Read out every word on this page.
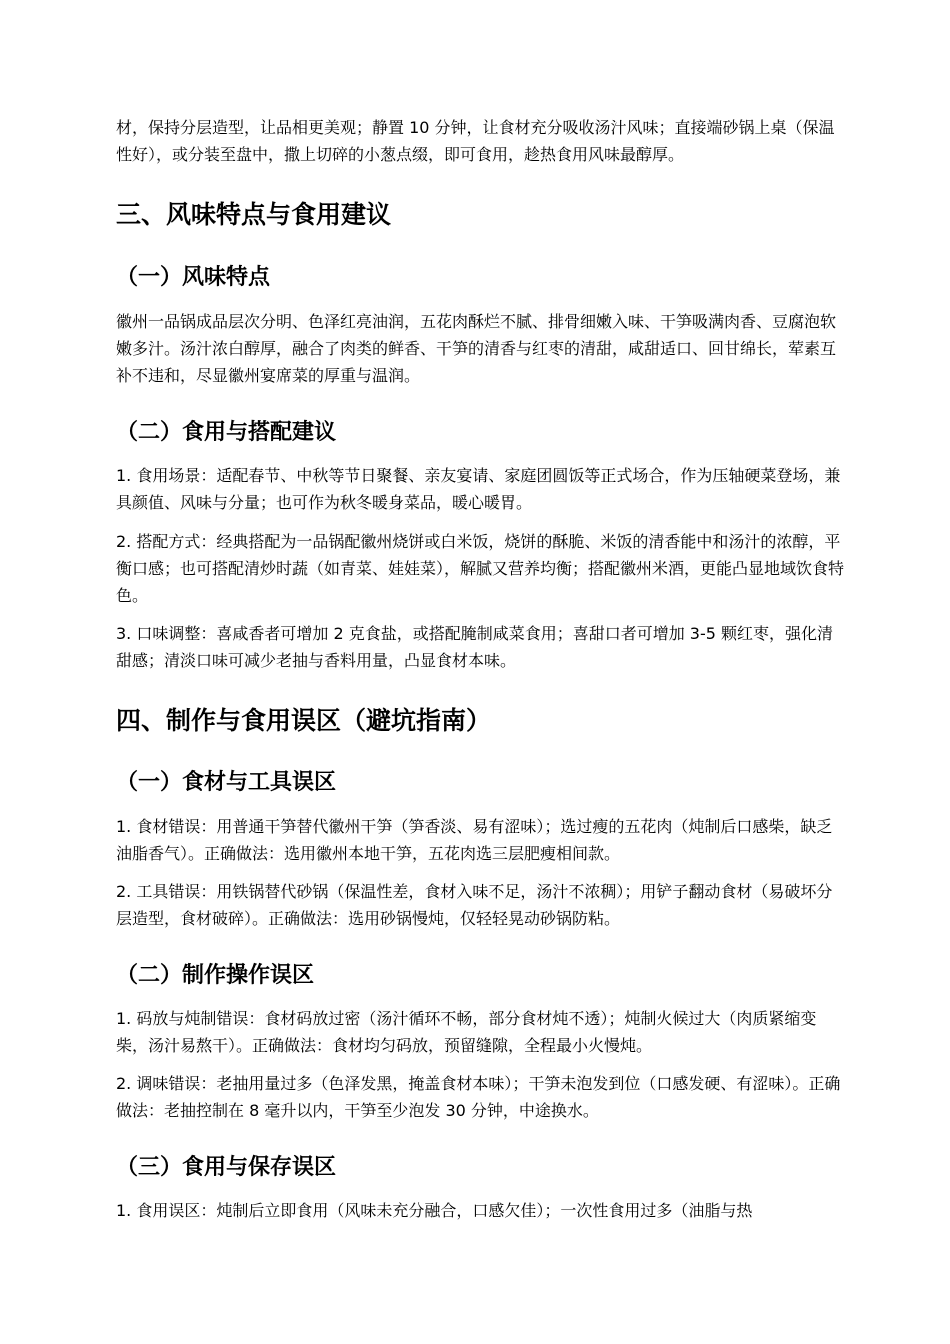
材，保持分层造型，让品相更美观；静置 10 分钟，让食材充分吸收汤汁风味；直接端砂锅上桌（保温性好），或分装至盘中，撒上切碎的小葱点缀，即可食用，趁热食用风味最醇厚。

三、风味特点与食用建议
（一）风味特点

徽州一品锅成品层次分明、色泽红亮油润，五花肉酥烂不腻、排骨细嫩入味、干笋吸满肉香、豆腐泡软嫩多汁。汤汁浓白醇厚，融合了肉类的鲜香、干笋的清香与红枣的清甜，咸甜适口、回甘绵长，荤素互补不违和，尽显徽州宴席菜的厚重与温润。

（二）食用与搭配建议

1. 食用场景：适配春节、中秋等节日聚餐、亲友宴请、家庭团圆饭等正式场合，作为压轴硬菜登场，兼具颜值、风味与分量；也可作为秋冬暖身菜品，暖心暖胃。

2. 搭配方式：经典搭配为一品锅配徽州烧饼或白米饭，烧饼的酥脆、米饭的清香能中和汤汁的浓醇，平衡口感；也可搭配清炒时蔬（如青菜、娃娃菜），解腻又营养均衡；搭配徽州米酒，更能凸显地域饮食特色。

3. 口味调整：喜咸香者可增加 2 克食盐，或搭配腌制咸菜食用；喜甜口者可增加 3-5 颗红枣，强化清甜感；清淡口味可减少老抽与香料用量，凸显食材本味。

四、制作与食用误区（避坑指南）
（一）食材与工具误区

1. 食材错误：用普通干笋替代徽州干笋（笋香淡、易有涩味）；选过瘦的五花肉（炖制后口感柴，缺乏油脂香气）。正确做法：选用徽州本地干笋，五花肉选三层肥瘦相间款。

2. 工具错误：用铁锅替代砂锅（保温性差，食材入味不足，汤汁不浓稠）；用铲子翻动食材（易破坏分层造型，食材破碎）。正确做法：选用砂锅慢炖，仅轻轻晃动砂锅防粘。

（二）制作操作误区

1. 码放与炖制错误：食材码放过密（汤汁循环不畅，部分食材炖不透）；炖制火候过大（肉质紧缩变柴，汤汁易熬干）。正确做法：食材均匀码放，预留缝隙，全程最小火慢炖。

2. 调味错误：老抽用量过多（色泽发黑，掩盖食材本味）；干笋未泡发到位（口感发硬、有涩味）。正确做法：老抽控制在 8 毫升以内，干笋至少泡发 30 分钟，中途换水。

（三）食用与保存误区

1. 食用误区：炖制后立即食用（风味未充分融合，口感欠佳）；一次性食用过多（油脂与热
